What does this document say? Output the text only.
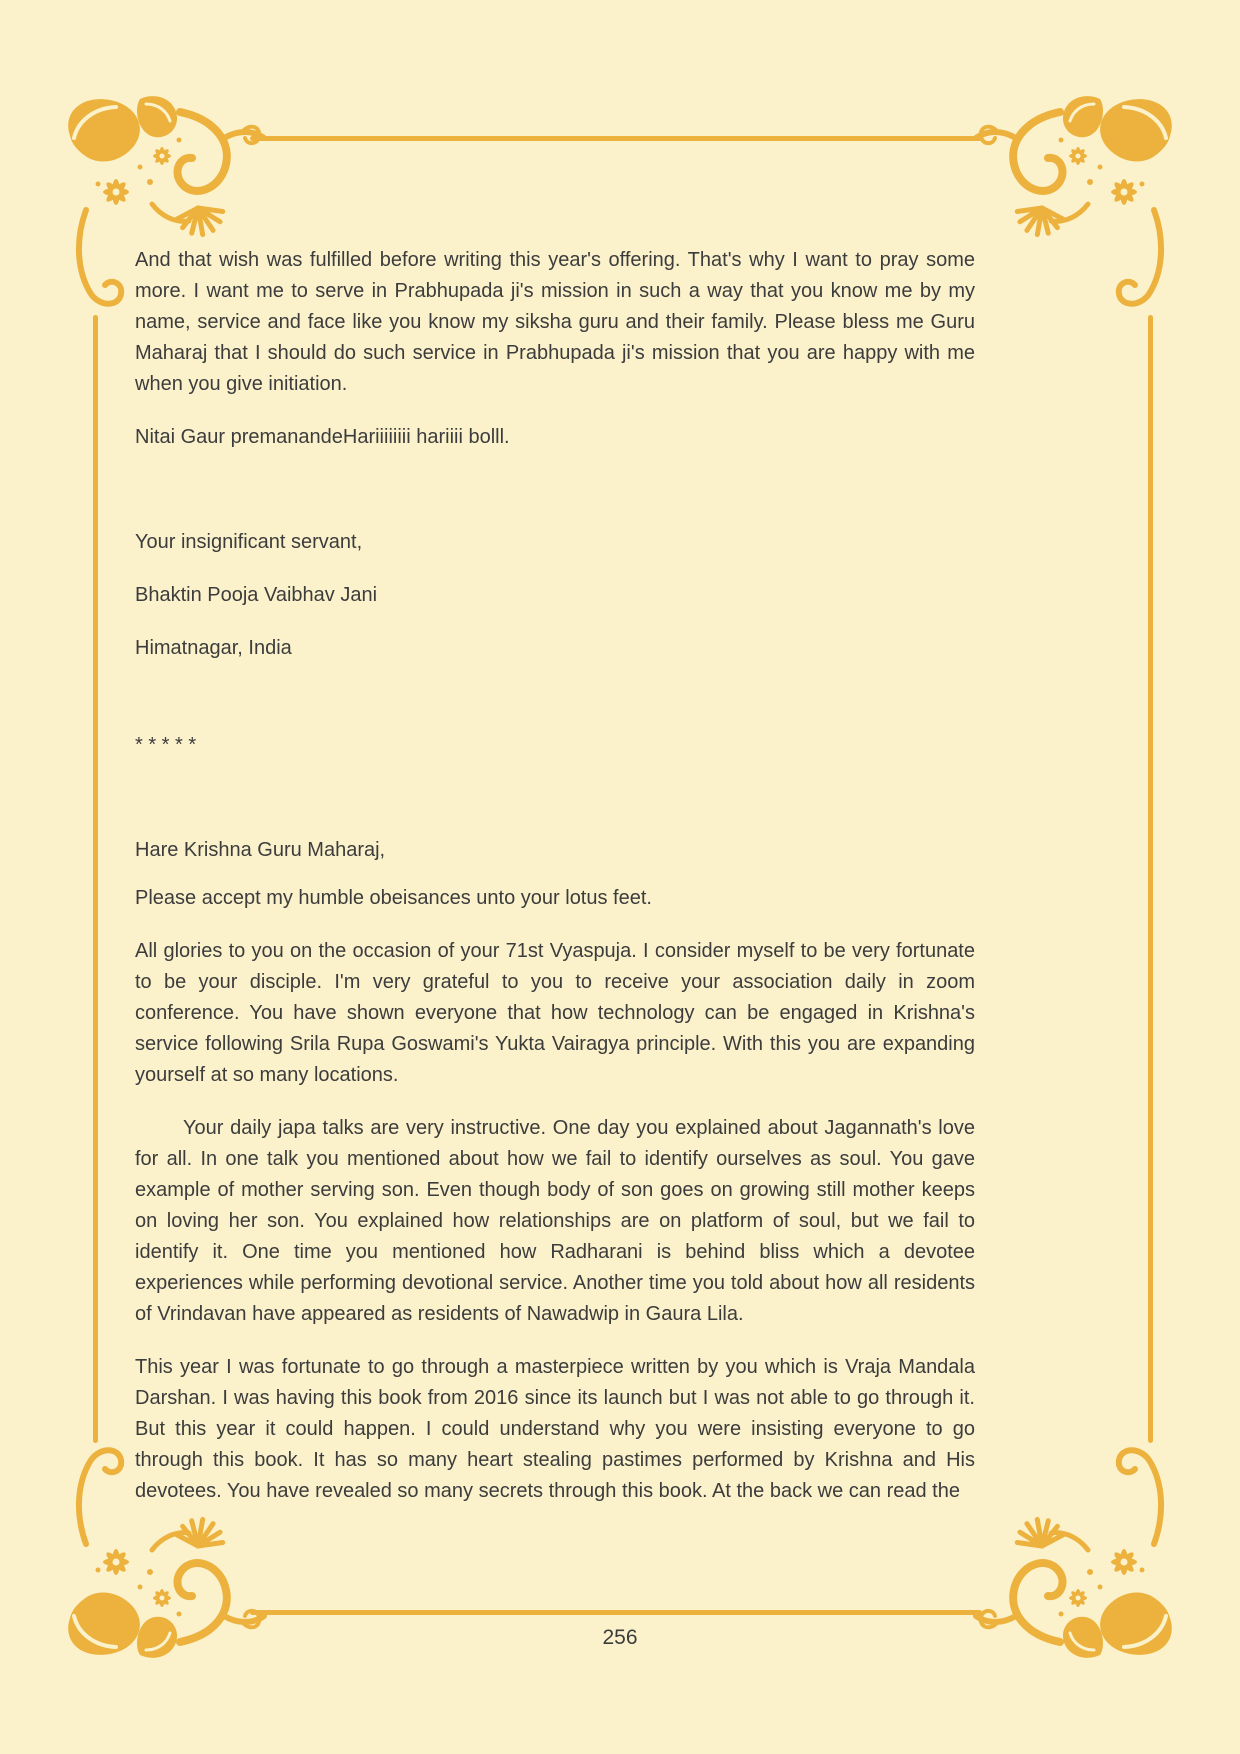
And that wish was fulfilled before writing this year's offering. That's why I want to pray some more. I want me to serve in Prabhupada ji's mission in such a way that you know me by my name, service and face like you know my siksha guru and their family. Please bless me Guru Maharaj that I should do such service in Prabhupada ji's mission that you are happy with me when you give initiation.

Nitai Gaur premanandeHariiiiiiii hariiii bolll.

Your insignificant servant,

Bhaktin Pooja Vaibhav Jani

Himatnagar, India

* * * * *

Hare Krishna Guru Maharaj,

Please accept my humble obeisances unto your lotus feet.

All glories to you on the occasion of your 71st Vyaspuja. I consider myself to be very fortunate to be your disciple. I'm very grateful to you to receive your association daily in zoom conference. You have shown everyone that how technology can be engaged in Krishna's service following Srila Rupa Goswami's Yukta Vairagya principle. With this you are expanding yourself at so many locations.

Your daily japa talks are very instructive. One day you explained about Jagannath's love for all. In one talk you mentioned about how we fail to identify ourselves as soul. You gave example of mother serving son. Even though body of son goes on growing still mother keeps on loving her son. You explained how relationships are on platform of soul, but we fail to identify it. One time you mentioned how Radharani is behind bliss which a devotee experiences while performing devotional service. Another time you told about how all residents of Vrindavan have appeared as residents of Nawadwip in Gaura Lila.

This year I was fortunate to go through a masterpiece written by you which is Vraja Mandala Darshan. I was having this book from 2016 since its launch but I was not able to go through it. But this year it could happen. I could understand why you were insisting everyone to go through this book. It has so many heart stealing pastimes performed by Krishna and His devotees. You have revealed so many secrets through this book. At the back we can read the

256
